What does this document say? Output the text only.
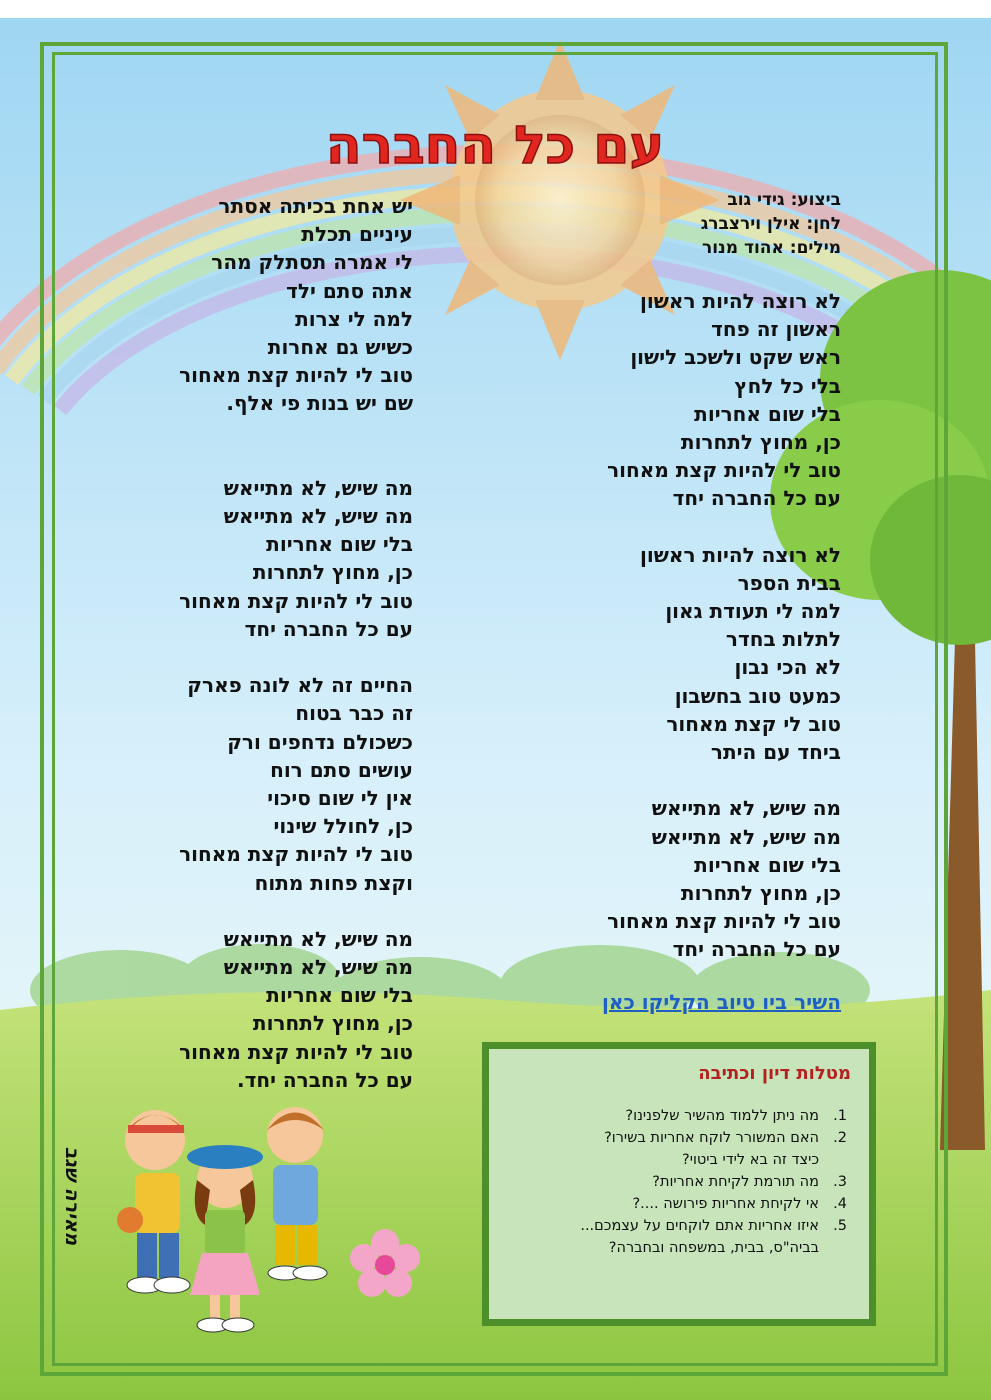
עם כל החברה
ביצוע: גידי גוב
לחן: אילן וירצברג
מילים: אהוד מנור
לא רוצה להיות ראשון
ראשון זה פחד
ראש שקט ולשכב לישון
בלי כל לחץ
בלי שום אחריות
כן, מחוץ לתחרות
טוב לי להיות קצת מאחור
עם כל החברה יחד
לא רוצה להיות ראשון
בבית הספר
למה לי תעודת גאון
לתלות בחדר
לא הכי נבון
כמעט טוב בחשבון
טוב לי קצת מאחור
ביחד עם היתר
מה שיש, לא מתייאש
מה שיש, לא מתייאש
בלי שום אחריות
כן, מחוץ לתחרות
טוב לי להיות קצת מאחור
עם כל החברה יחד
יש אחת בכיתה אסתר
עיניים תכלת
לי אמרה תסתלק מהר
אתה סתם ילד
למה לי צרות
כשיש גם אחרות
טוב לי להיות קצת מאחור
שם יש בנות פי אלף.
מה שיש, לא מתייאש
מה שיש, לא מתייאש
בלי שום אחריות
כן, מחוץ לתחרות
טוב לי להיות קצת מאחור
עם כל החברה יחד
החיים זה לא לונה פארק
זה כבר בטוח
כשכולם נדחפים ורק
עושים סתם רוח
אין לי שום סיכוי
כן, לחולל שינוי
טוב לי להיות קצת מאחור
וקצת פחות מתוח
מה שיש, לא מתייאש
מה שיש, לא מתייאש
בלי שום אחריות
כן, מחוץ לתחרות
טוב לי להיות קצת מאחור
עם כל החברה יחד.
השיר ביו טיוב הקליקו כאן
מטלות דיון וכתיבה
1.
מה ניתן ללמוד מהשיר שלפנינו?
2.
האם המשורר לוקח אחריות בשירו?
כיצד זה בא לידי ביטוי?
3.
מה תורמת לקיחת אחריות?
4.
אי לקיחת אחריות פירושה ....?
5.
איזו אחריות אתם לוקחים על עצמכם...
בביה"ס, בבית, במשפחה ובחברה?
מאירה שגב
